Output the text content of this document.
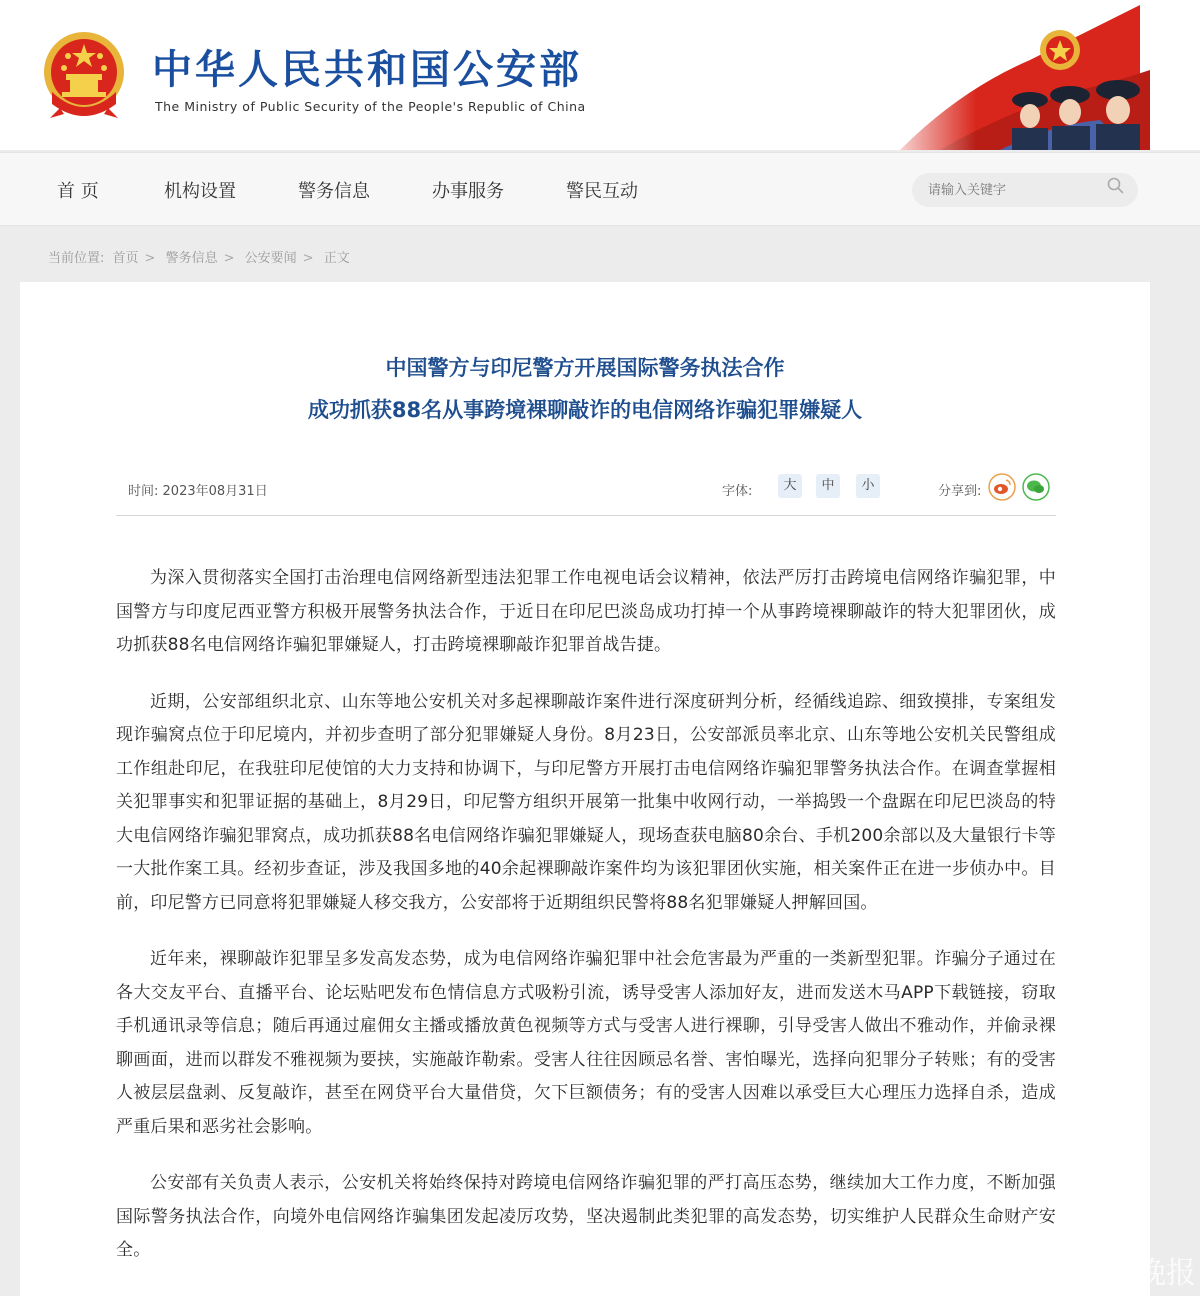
中华人民共和国公安部
The Ministry of Public Security of the People's Republic of China
首 页	机构设置	警务信息	办事服务	警民互动
请输入关键字
当前位置: 首页 > 警务信息 > 公安要闻 > 正文
中国警方与印尼警方开展国际警务执法合作
成功抓获88名从事跨境裸聊敲诈的电信网络诈骗犯罪嫌疑人
时间: 2023年08月31日	字体:	大	中	小	分享到:

为深入贯彻落实全国打击治理电信网络新型违法犯罪工作电视电话会议精神，依法严厉打击跨境电信网络诈骗犯罪，中国警方与印度尼西亚警方积极开展警务执法合作，于近日在印尼巴淡岛成功打掉一个从事跨境裸聊敲诈的特大犯罪团伙，成功抓获88名电信网络诈骗犯罪嫌疑人，打击跨境裸聊敲诈犯罪首战告捷。

近期，公安部组织北京、山东等地公安机关对多起裸聊敲诈案件进行深度研判分析，经循线追踪、细致摸排，专案组发现诈骗窝点位于印尼境内，并初步查明了部分犯罪嫌疑人身份。8月23日，公安部派员率北京、山东等地公安机关民警组成工作组赴印尼，在我驻印尼使馆的大力支持和协调下，与印尼警方开展打击电信网络诈骗犯罪警务执法合作。在调查掌握相关犯罪事实和犯罪证据的基础上，8月29日，印尼警方组织开展第一批集中收网行动，一举捣毁一个盘踞在印尼巴淡岛的特大电信网络诈骗犯罪窝点，成功抓获88名电信网络诈骗犯罪嫌疑人，现场查获电脑80余台、手机200余部以及大量银行卡等一大批作案工具。经初步查证，涉及我国多地的40余起裸聊敲诈案件均为该犯罪团伙实施，相关案件正在进一步侦办中。目前，印尼警方已同意将犯罪嫌疑人移交我方，公安部将于近期组织民警将88名犯罪嫌疑人押解回国。

近年来，裸聊敲诈犯罪呈多发高发态势，成为电信网络诈骗犯罪中社会危害最为严重的一类新型犯罪。诈骗分子通过在各大交友平台、直播平台、论坛贴吧发布色情信息方式吸粉引流，诱导受害人添加好友，进而发送木马APP下载链接，窃取手机通讯录等信息；随后再通过雇佣女主播或播放黄色视频等方式与受害人进行裸聊，引导受害人做出不雅动作，并偷录裸聊画面，进而以群发不雅视频为要挟，实施敲诈勒索。受害人往往因顾忌名誉、害怕曝光，选择向犯罪分子转账；有的受害人被层层盘剥、反复敲诈，甚至在网贷平台大量借贷，欠下巨额债务；有的受害人因难以承受巨大心理压力选择自杀，造成严重后果和恶劣社会影响。

公安部有关负责人表示，公安机关将始终保持对跨境电信网络诈骗犯罪的严打高压态势，继续加大工作力度，不断加强国际警务执法合作，向境外电信网络诈骗集团发起凌厉攻势，坚决遏制此类犯罪的高发态势，切实维护人民群众生命财产安全。

晚报
